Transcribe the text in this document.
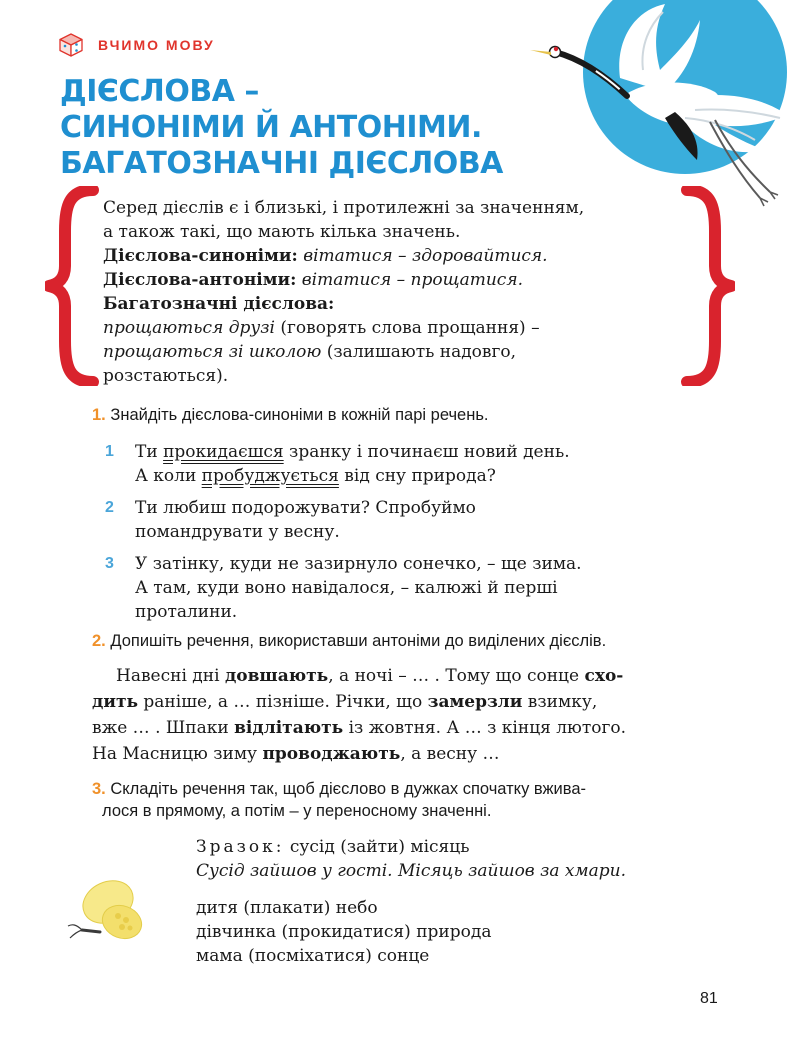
ВЧИМО МОВУ
ДІЄСЛОВА –
СИНОНІМИ Й АНТОНІМИ.
БАГАТОЗНАЧНІ ДІЄСЛОВА
Серед дієслів є і близькі, і протилежні за значенням,
а також такі, що мають кілька значень.
Дієслова-синоніми: вітатися – здоровайтися.
Дієслова-антоніми: вітатися – прощатися.
Багатозначні дієслова:
прощаються друзі (говорять слова прощання) –
прощаються зі школою (залишають надовго,
розстаються).
1. Знайдіть дієслова-синоніми в кожній парі речень.
1 Ти прокидаєшся зранку і починаєш новий день.
А коли пробуджується від сну природа?
2 Ти любиш подорожувати? Спробуймо
помандрувати у весну.
3 У затінку, куди не зазирнуло сонечко, – ще зима.
А там, куди воно навідалося, – калюжі й перші
проталини.
2. Допишіть речення, використавши антоніми до виділених дієслів.
Навесні дні довшають, а ночі – … . Тому що сонце схо-
дить раніше, а … пізніше. Річки, що замерзли взимку,
вже … . Шпаки відлітають із жовтня. А … з кінця лютого.
На Масницю зиму проводжають, а весну …
3. Складіть речення так, щоб дієслово в дужках спочатку вжива-
лося в прямому, а потім – у переносному значенні.
Зразок: сусід (зайти) місяць
Сусід зайшов у гості. Місяць зайшов за хмари.
дитя (плакати) небо
дівчинка (прокидатися) природа
мама (посміхатися) сонце
81
